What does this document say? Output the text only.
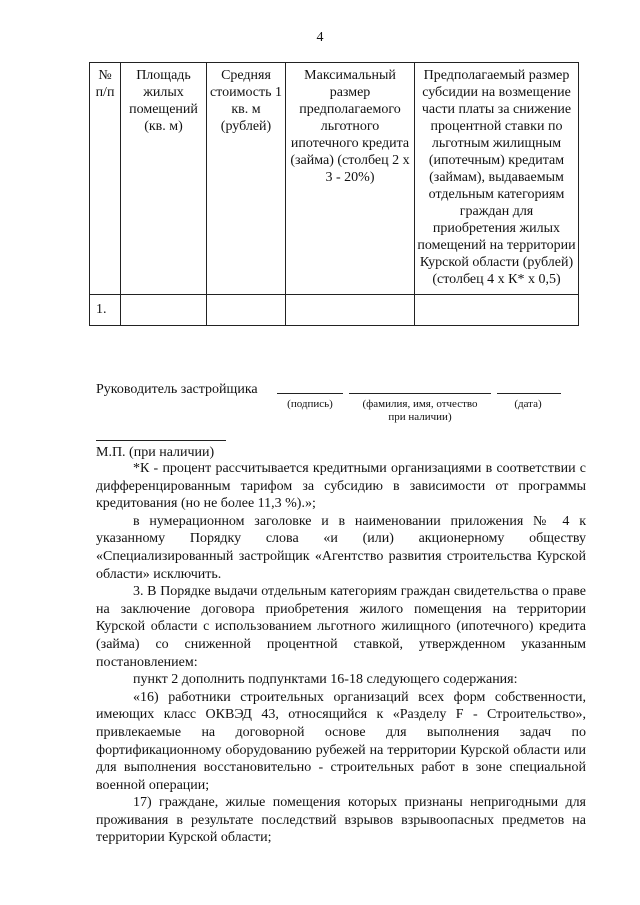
4
№ п/п	Площадь жилых помещений (кв. м)	Средняя стоимость 1 кв. м (рублей)	Максимальный размер предполагаемого льготного ипотечного кредита (займа) (столбец 2 х 3 - 20%)	Предполагаемый размер субсидии на возмещение части платы за снижение процентной ставки по льготным жилищным (ипотечным) кредитам (займам), выдаваемым отдельным категориям граждан для приобретения жилых помещений на территории Курской области (рублей) (столбец 4 х К* х 0,5)
1.				
Руководитель застройщика
(подпись)	(фамилия, имя, отчество
при наличии)
(дата)
М.П. (при наличии)

*К - процент рассчитывается кредитными организациями в соответствии с дифференцированным тарифом за субсидию в зависимости от программы кредитования (но не более 11,3 %).»;

в нумерационном заголовке и в наименовании приложения № 4 к указанному Порядку слова «и (или) акционерному обществу «Специализированный застройщик «Агентство развития строительства Курской области» исключить.

3. В Порядке выдачи отдельным категориям граждан свидетельства о праве на заключение договора приобретения жилого помещения на территории Курской области с использованием льготного жилищного (ипотечного) кредита (займа) со сниженной процентной ставкой, утвержденном указанным постановлением:

пункт 2 дополнить подпунктами 16-18 следующего содержания:

«16) работники строительных организаций всех форм собственности, имеющих класс ОКВЭД 43, относящийся к «Разделу F - Строительство», привлекаемые на договорной основе для выполнения задач по фортификационному оборудованию рубежей на территории Курской области или для выполнения восстановительно - строительных работ в зоне специальной военной операции;

17) граждане, жилые помещения которых признаны непригодными для проживания в результате последствий взрывов взрывоопасных предметов на территории Курской области;
